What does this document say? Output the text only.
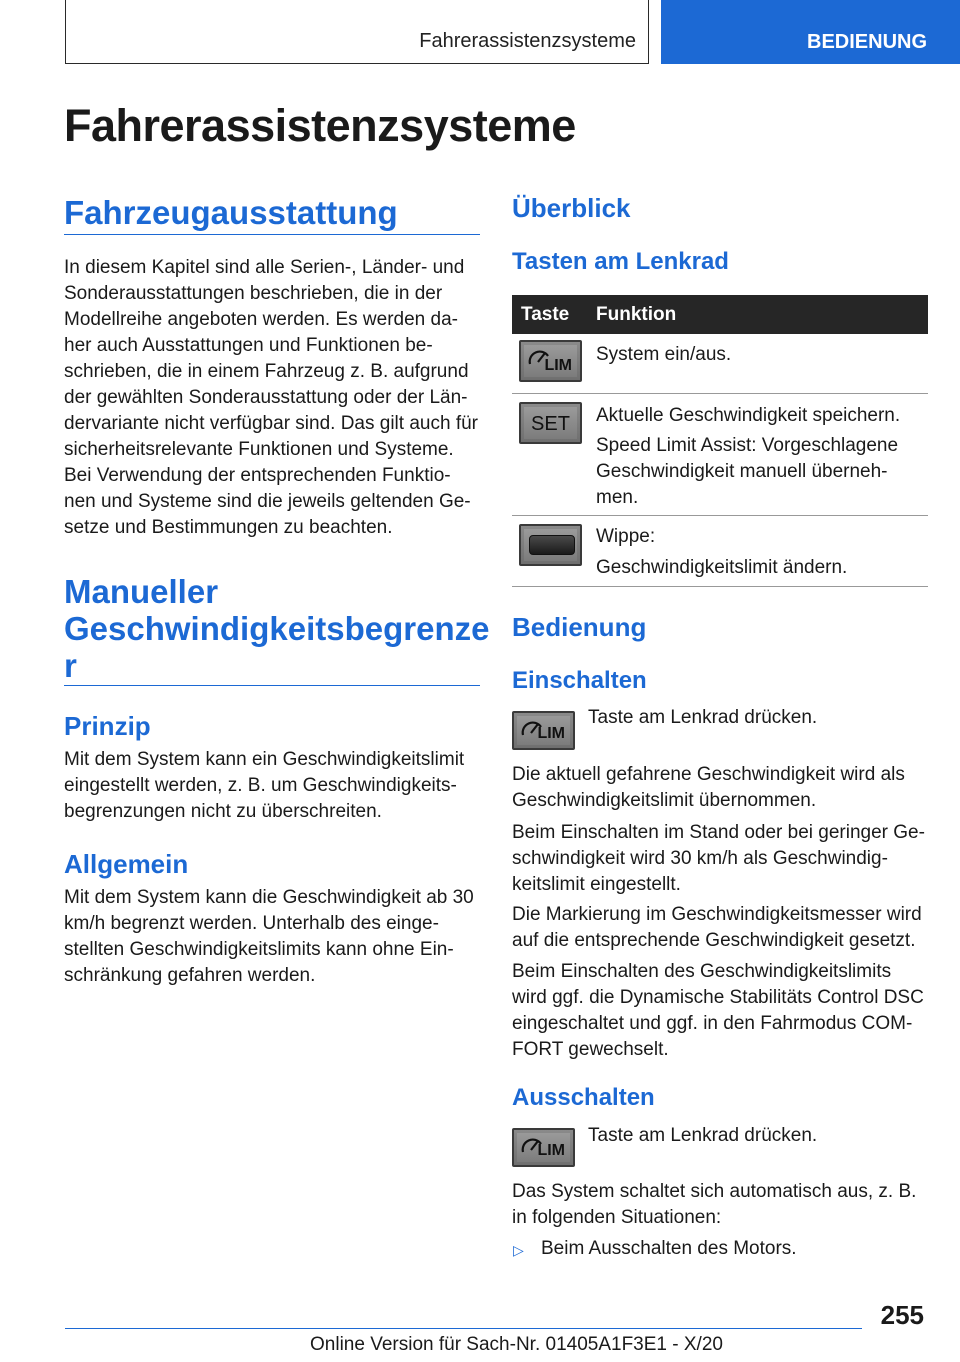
Fahrerassistenzsysteme	BEDIENUNG
Fahrerassistenzsysteme
Fahrzeugausstattung
In diesem Kapitel sind alle Serien-, Länder- und Sonderausstattungen beschrieben, die in der Modellreihe angeboten werden. Es werden da-her auch Ausstattungen und Funktionen be-schrieben, die in einem Fahrzeug z. B. aufgrund der gewählten Sonderausstattung oder der Län-dervariante nicht verfügbar sind. Das gilt auch für sicherheitsrelevante Funktionen und Systeme. Bei Verwendung der entsprechenden Funktio-nen und Systeme sind die jeweils geltenden Ge-setze und Bestimmungen zu beachten.
Manueller
Geschwindigkeitsbegrenze
r
Prinzip
Mit dem System kann ein Geschwindigkeitslimit eingestellt werden, z. B. um Geschwindigkeits-begrenzungen nicht zu überschreiten.
Allgemein
Mit dem System kann die Geschwindigkeit ab 30 km/h begrenzt werden. Unterhalb des einge-stellten Geschwindigkeitslimits kann ohne Ein-schränkung gefahren werden.
Überblick
Tasten am Lenkrad
Taste Funktion
LIM
System ein/aus.
SET	Aktuelle Geschwindigkeit speichern.
Speed Limit Assist: Vorgeschlagene Geschwindigkeit manuell überneh-men.
Wippe:
Geschwindigkeitslimit ändern.
Bedienung
Einschalten
LIM
Taste am Lenkrad drücken.
Die aktuell gefahrene Geschwindigkeit wird als Geschwindigkeitslimit übernommen.
Beim Einschalten im Stand oder bei geringer Ge-schwindigkeit wird 30 km/h als Geschwindig-keitslimit eingestellt.
Die Markierung im Geschwindigkeitsmesser wird auf die entsprechende Geschwindigkeit gesetzt.
Beim Einschalten des Geschwindigkeitslimits wird ggf. die Dynamische Stabilitäts Control DSC eingeschaltet und ggf. in den Fahrmodus COM-FORT gewechselt.
Ausschalten
LIM
Taste am Lenkrad drücken.
Das System schaltet sich automatisch aus, z. B. in folgenden Situationen:
▷ Beim Ausschalten des Motors.
255
Online Version für Sach-Nr. 01405A1F3E1 - X/20
